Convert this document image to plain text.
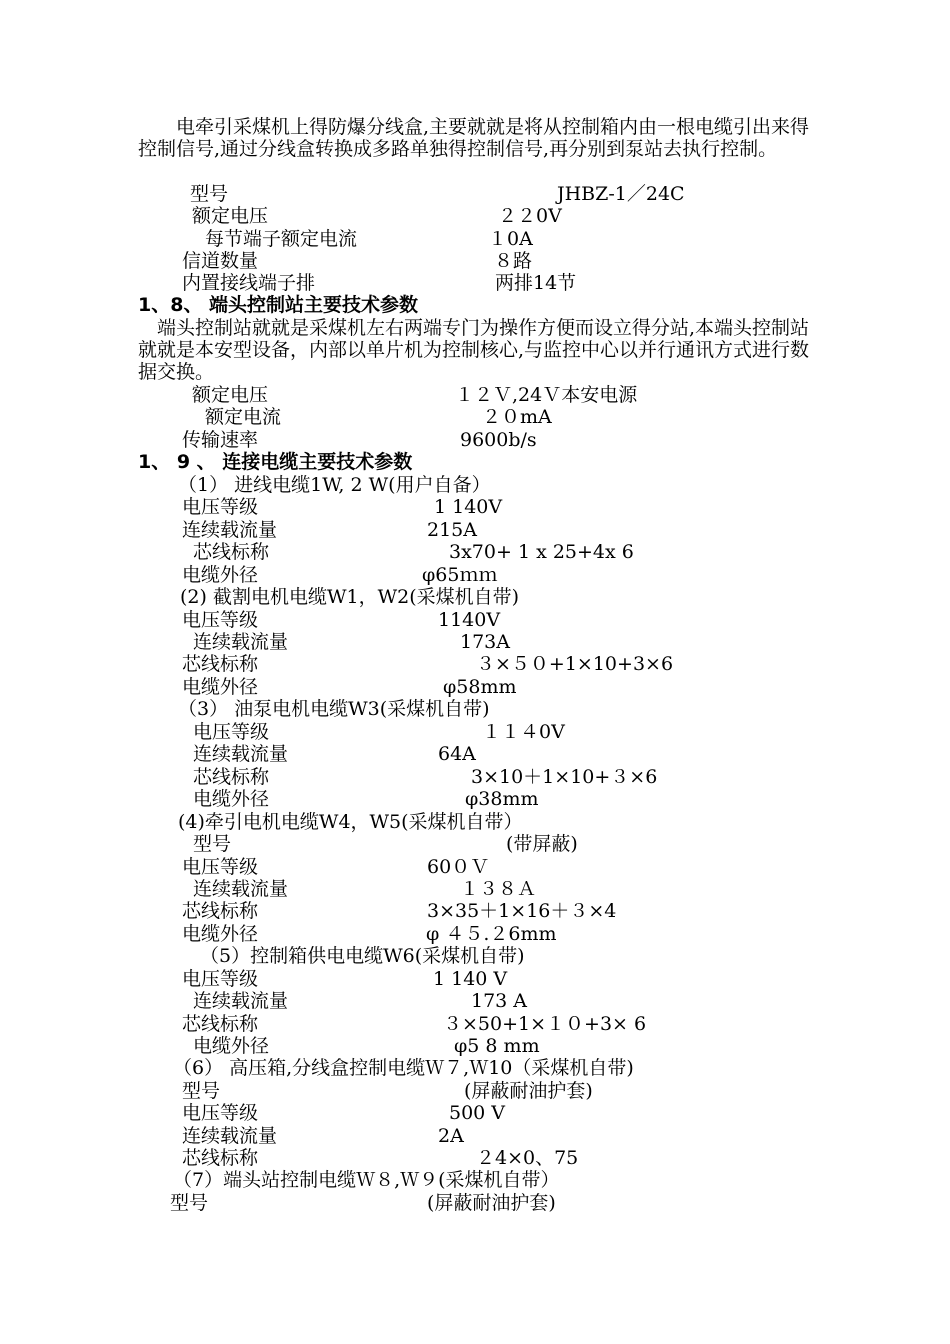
　　电牵引采煤机上得防爆分线盒,主要就就是将从控制箱内由一根电缆引出来得控制信号,通过分线盒转换成多路单独得控制信号,再分别到泵站去执行控制。

型号	JHBZ-1／24C
额定电压	２２0V
每节端子额定电流	１0A
信道数量	８路
内置接线端子排	两排14节
1、8、 端头控制站主要技术参数

　端头控制站就就是采煤机左右两端专门为操作方便而设立得分站,本端头控制站就就是本安型设备，内部以单片机为控制核心,与监控中心以并行通讯方式进行数据交换。

额定电压	１２Ｖ,24Ｖ本安电源
额定电流	２０mA
传输速率	9600b/s
1、 9 、 连接电缆主要技术参数
（1） 进线电缆1W, 2 W(用户自备）
电压等级	1 140V
连续载流量	215A
芯线标称	3x70+ 1 x 25+4x 6
电缆外径	φ65ｍｍ
(2) 截割电机电缆W1，W2(采煤机自带)
电压等级	1140V
连续载流量	173A
芯线标称	３×５０+1×10+3×6
电缆外径	φ58mm
（3） 油泵电机电缆W3(采煤机自带)
电压等级	１１４0V
连续载流量	64A
芯线标称	3×10＋1×10+３×6
电缆外径	φ38mm
(4)牵引电机电缆W4，W5(采煤机自带）
型号	(带屏蔽)
电压等级	60０Ｖ
连续载流量	１３８Ａ
芯线标称	3×35＋1×16＋３×4
电缆外径	φ ４５.２6mm
（5）控制箱供电电缆W6(采煤机自带)
电压等级	1 140 V
连续载流量	173 A
芯线标称	３×50+1×１０+3× 6
电缆外径	φ5 8 mm
（6） 高压箱,分线盒控制电缆Ｗ７,Ｗ10（采煤机自带)
型号	(屏蔽耐油护套)
电压等级	500 V
连续载流量	2A
芯线标称	２4×0、75
（7）端头站控制电缆Ｗ８,Ｗ９(采煤机自带）
型号	(屏蔽耐油护套)
